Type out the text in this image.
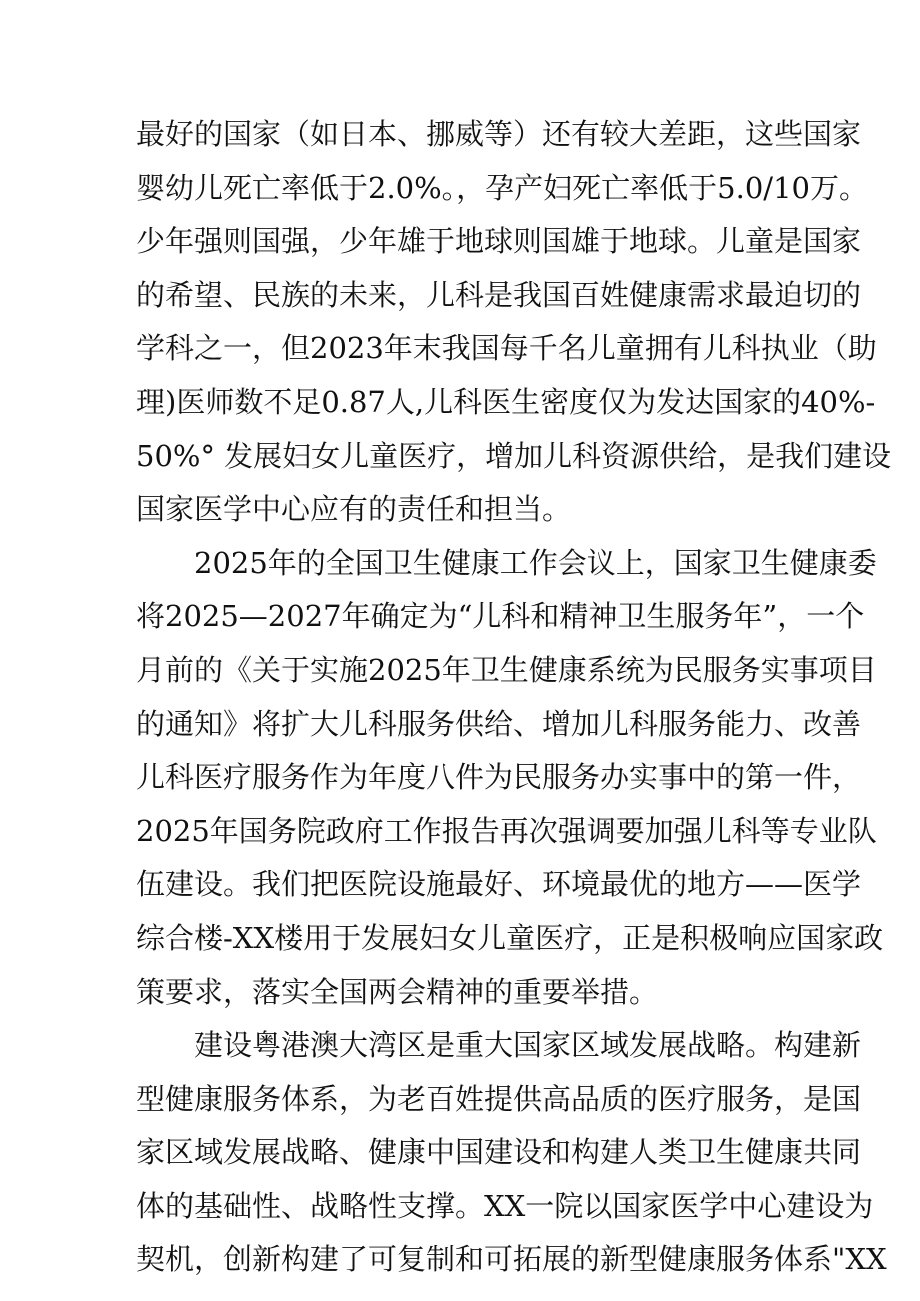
最好的国家（如日本、挪威等）还有较大差距，这些国家
婴幼儿死亡率低于2.0%。，孕产妇死亡率低于5.0/10万。
少年强则国强，少年雄于地球则国雄于地球。儿童是国家
的希望、民族的未来，儿科是我国百姓健康需求最迫切的
学科之一，但2023年末我国每千名儿童拥有儿科执业（助
理)医师数不足0.87人,儿科医生密度仅为发达国家的40%-
50%° 发展妇女儿童医疗，增加儿科资源供给，是我们建设
国家医学中心应有的责任和担当。
2025年的全国卫生健康工作会议上，国家卫生健康委
将2025—2027年确定为“儿科和精神卫生服务年”，一个
月前的《关于实施2025年卫生健康系统为民服务实事项目
的通知》将扩大儿科服务供给、增加儿科服务能力、改善
儿科医疗服务作为年度八件为民服务办实事中的第一件，
2025年国务院政府工作报告再次强调要加强儿科等专业队
伍建设。我们把医院设施最好、环境最优的地方——医学
综合楼-XX楼用于发展妇女儿童医疗，正是积极响应国家政
策要求，落实全国两会精神的重要举措。
建设粤港澳大湾区是重大国家区域发展战略。构建新
型健康服务体系，为老百姓提供高品质的医疗服务，是国
家区域发展战略、健康中国建设和构建人类卫生健康共同
体的基础性、战略性支撑。XX一院以国家医学中心建设为
契机，创新构建了可复制和可拓展的新型健康服务体系"XX
